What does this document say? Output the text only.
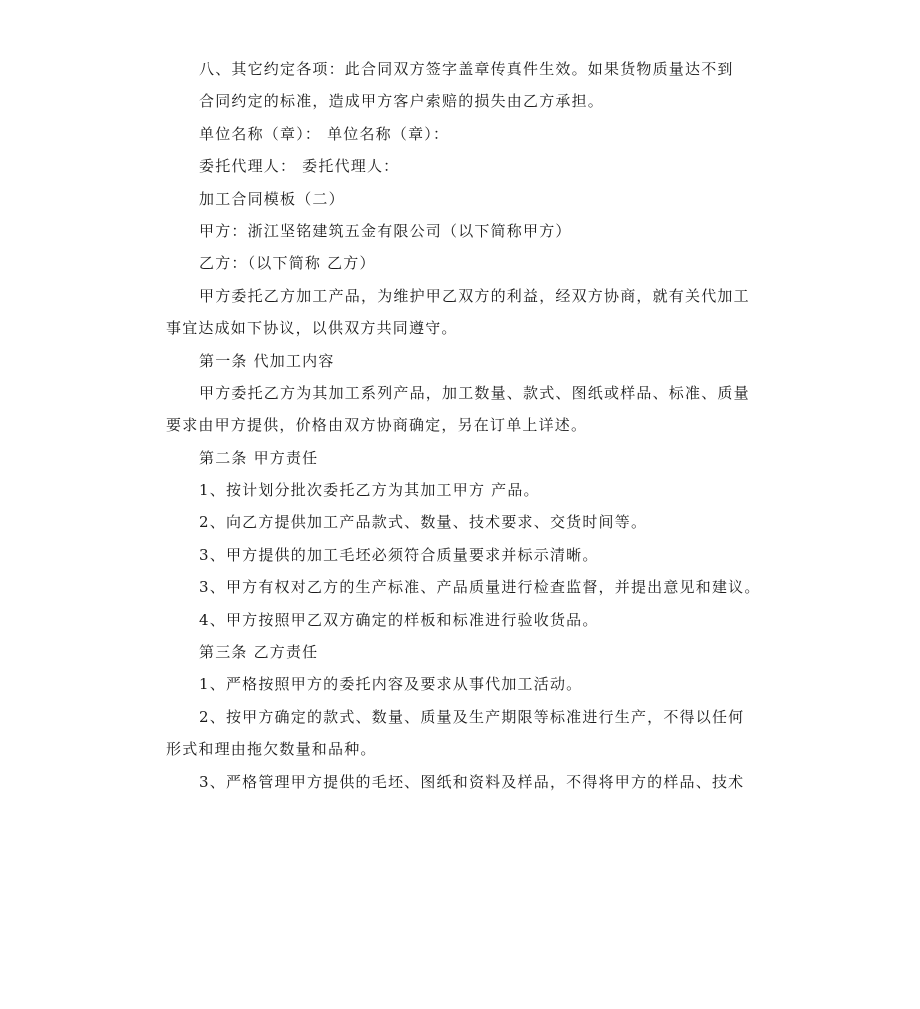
八、其它约定各项：此合同双方签字盖章传真件生效。如果货物质量达不到
合同约定的标准，造成甲方客户索赔的损失由乙方承担。
单位名称（章）： 单位名称（章）：
委托代理人： 委托代理人：
加工合同模板（二）
甲方：浙江坚铭建筑五金有限公司（以下简称甲方）
乙方：（以下简称 乙方）
甲方委托乙方加工产品，为维护甲乙双方的利益，经双方协商，就有关代加工
事宜达成如下协议，以供双方共同遵守。
第一条 代加工内容
甲方委托乙方为其加工系列产品，加工数量、款式、图纸或样品、标准、质量
要求由甲方提供，价格由双方协商确定，另在订单上详述。
第二条 甲方责任
1、按计划分批次委托乙方为其加工甲方 产品。
2、向乙方提供加工产品款式、数量、技术要求、交货时间等。
3、甲方提供的加工毛坯必须符合质量要求并标示清晰。
3、甲方有权对乙方的生产标准、产品质量进行检查监督，并提出意见和建议。
4、甲方按照甲乙双方确定的样板和标准进行验收货品。
第三条 乙方责任
1、严格按照甲方的委托内容及要求从事代加工活动。
2、按甲方确定的款式、数量、质量及生产期限等标准进行生产，不得以任何
形式和理由拖欠数量和品种。
3、严格管理甲方提供的毛坯、图纸和资料及样品，不得将甲方的样品、技术
